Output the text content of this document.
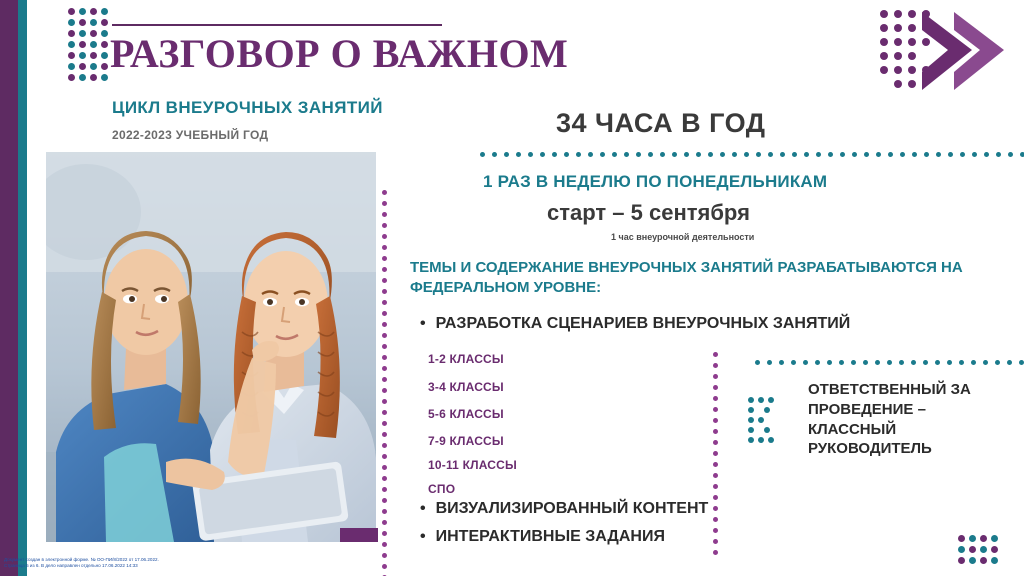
РАЗГОВОР О ВАЖНОМ
ЦИКЛ ВНЕУРОЧНЫХ ЗАНЯТИЙ
2022-2023 УЧЕБНЫЙ ГОД	34 ЧАСА В ГОД
1 РАЗ В НЕДЕЛЮ ПО ПОНЕДЕЛЬНИКАМ
старт – 5 сентября
1 час внеурочной деятельности
ТЕМЫ И СОДЕРЖАНИЕ ВНЕУРОЧНЫХ ЗАНЯТИЙ РАЗРАБАТЫВАЮТСЯ НА ФЕДЕРАЛЬНОМ УРОВНЕ:
• РАЗРАБОТКА СЦЕНАРИЕВ ВНЕУРОЧНЫХ ЗАНЯТИЙ
1-2 КЛАССЫ
3-4 КЛАССЫ
5-6 КЛАССЫ
7-9 КЛАССЫ
10-11 КЛАССЫ
СПО
• ВИЗУАЛИЗИРОВАННЫЙ КОНТЕНТ
• ИНТЕРАКТИВНЫЕ ЗАДАНИЯ
ОТВЕТСТВЕННЫЙ ЗА ПРОВЕДЕНИЕ – КЛАССНЫЙ РУКОВОДИТЕЛЬ
Документ создан в электронной форме. № ОО-ПИ/8/2022 от 17.06.2022.
Страница 5 из 6. В дело направлен отдельно 17.06.2022 14:33
